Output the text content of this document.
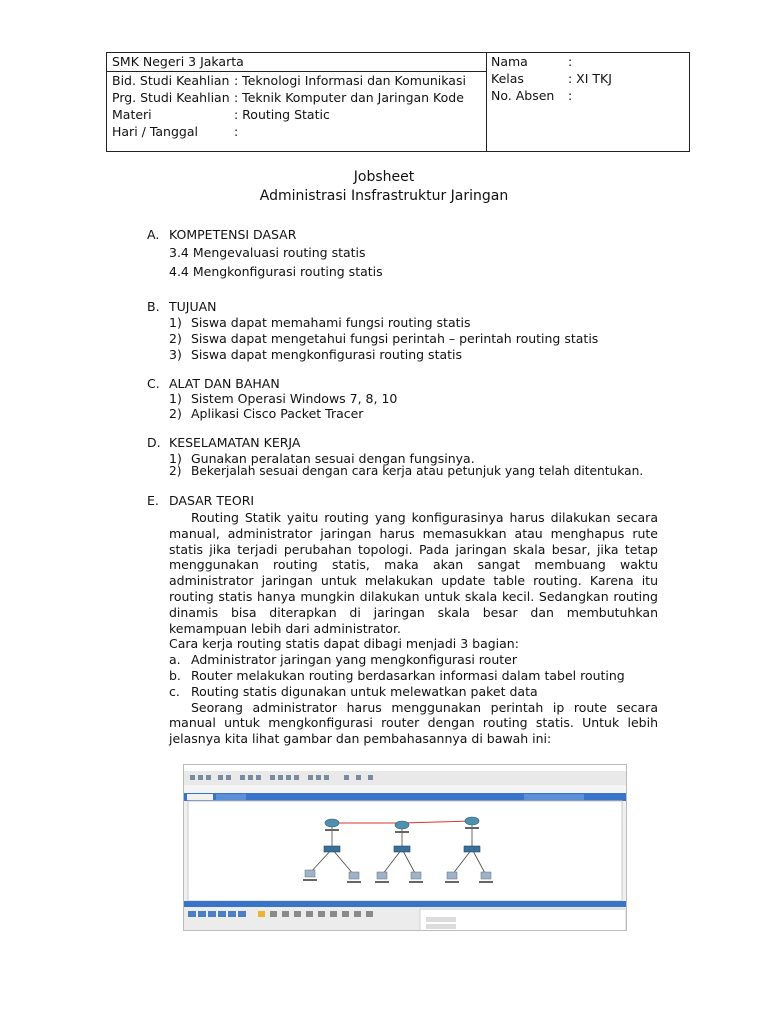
SMK Negeri 3 Jakarta
Bid. Studi Keahlian : Teknologi Informasi dan Komunikasi
Prg. Studi Keahlian : Teknik Komputer dan Jaringan Kode
Materi	: Routing Static
Hari / Tanggal	:
Nama	:
Kelas	: XI TKJ
No. Absen :
Jobsheet
Administrasi Insfrastruktur Jaringan
A. KOMPETENSI DASAR
3.4 Mengevaluasi routing statis
4.4 Mengkonfigurasi routing statis
B. TUJUAN
1) Siswa dapat memahami fungsi routing statis
2) Siswa dapat mengetahui fungsi perintah – perintah routing statis
3) Siswa dapat mengkonfigurasi routing statis
C. ALAT DAN BAHAN
1) Sistem Operasi Windows 7, 8, 10
2) Aplikasi Cisco Packet Tracer
D. KESELAMATAN KERJA
1) Gunakan peralatan sesuai dengan fungsinya.
2) Bekerjalah sesuai dengan cara kerja atau petunjuk yang telah ditentukan.
E. DASAR TEORI

Routing Statik yaitu routing yang konfigurasinya harus dilakukan secara manual, administrator jaringan harus memasukkan atau menghapus rute statis jika terjadi perubahan topologi. Pada jaringan skala besar, jika tetap menggunakan routing statis, maka akan sangat membuang waktu administrator jaringan untuk melakukan update table routing. Karena itu routing statis hanya mungkin dilakukan untuk skala kecil. Sedangkan routing dinamis bisa diterapkan di jaringan skala besar dan membutuhkan kemampuan lebih dari administrator.

Cara kerja routing statis dapat dibagi menjadi 3 bagian:

a. Administrator jaringan yang mengkonfigurasi router

b. Router melakukan routing berdasarkan informasi dalam tabel routing

c. Routing statis digunakan untuk melewatkan paket data

Seorang administrator harus menggunakan perintah ip route secara manual untuk mengkonfigurasi router dengan routing statis. Untuk lebih jelasnya kita lihat gambar dan pembahasannya di bawah ini:
